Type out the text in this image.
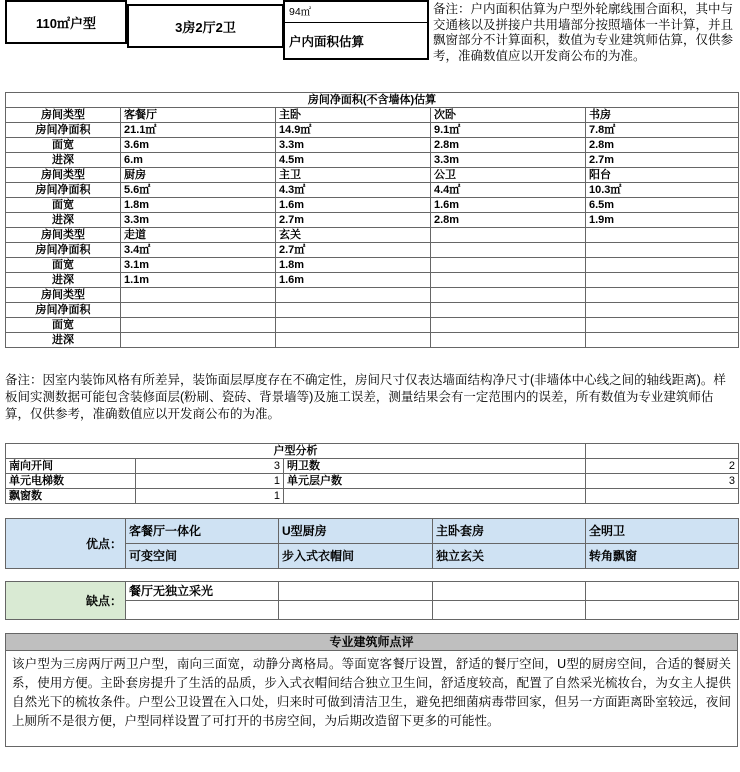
110㎡户型	3房2厅2卫
94㎡
户内面积估算
备注：户内面积估算为户型外轮廓线围合面积，其中与交通核以及拼接户共用墙部分按照墙体一半计算，并且飘窗部分不计算面积，数值为专业建筑师估算，仅供参考，准确数值应以开发商公布的为准。
房间净面积(不含墙体)估算				
房间类型	客餐厅	主卧	次卧	书房
房间净面积	21.1㎡	14.9㎡	9.1㎡	7.8㎡
面宽	3.6m	3.3m	2.8m	2.8m
进深	6.m	4.5m	3.3m	2.7m
房间类型	厨房	主卫	公卫	阳台
房间净面积	5.6㎡	4.3㎡	4.4㎡	10.3㎡
面宽	1.8m	1.6m	1.6m	6.5m
进深	3.3m	2.7m	2.8m	1.9m
房间类型	走道	玄关		
房间净面积	3.4㎡	2.7㎡		
面宽	3.1m	1.8m		
进深	1.1m	1.6m		
房间类型				
房间净面积				
面宽				
进深				
备注：因室内装饰风格有所差异，装饰面层厚度存在不确定性，房间尺寸仅表达墙面结构净尺寸(非墙体中心线之间的轴线距离)。样板间实测数据可能包含装修面层(粉刷、瓷砖、背景墙等)及施工误差，测量结果会有一定范围内的误差，所有数值为专业建筑师估算，仅供参考，准确数值应以开发商公布的为准。
户型分析			
南向开间	3	明卫数	2
单元电梯数	1	单元层户数	3
飘窗数	1		
优点：	客餐厅一体化	U型厨房	主卧套房	全明卫
	可变空间	步入式衣帽间	独立玄关	转角飘窗
缺点：	餐厅无独立采光			

专业建筑师点评
该户型为三房两厅两卫户型，南向三面宽，动静分离格局。等面宽客餐厅设置，舒适的餐厅空间，U型的厨房空间，合适的餐厨关系，使用方便。主卧套房提升了生活的品质，步入式衣帽间结合独立卫生间，舒适度较高，配置了自然采光梳妆台，为女主人提供自然光下的梳妆条件。户型公卫设置在入口处，归来时可做到清洁卫生，避免把细菌病毒带回家，但另一方面距离卧室较远，夜间上厕所不是很方便，户型同样设置了可打开的书房空间，为后期改造留下更多的可能性。
